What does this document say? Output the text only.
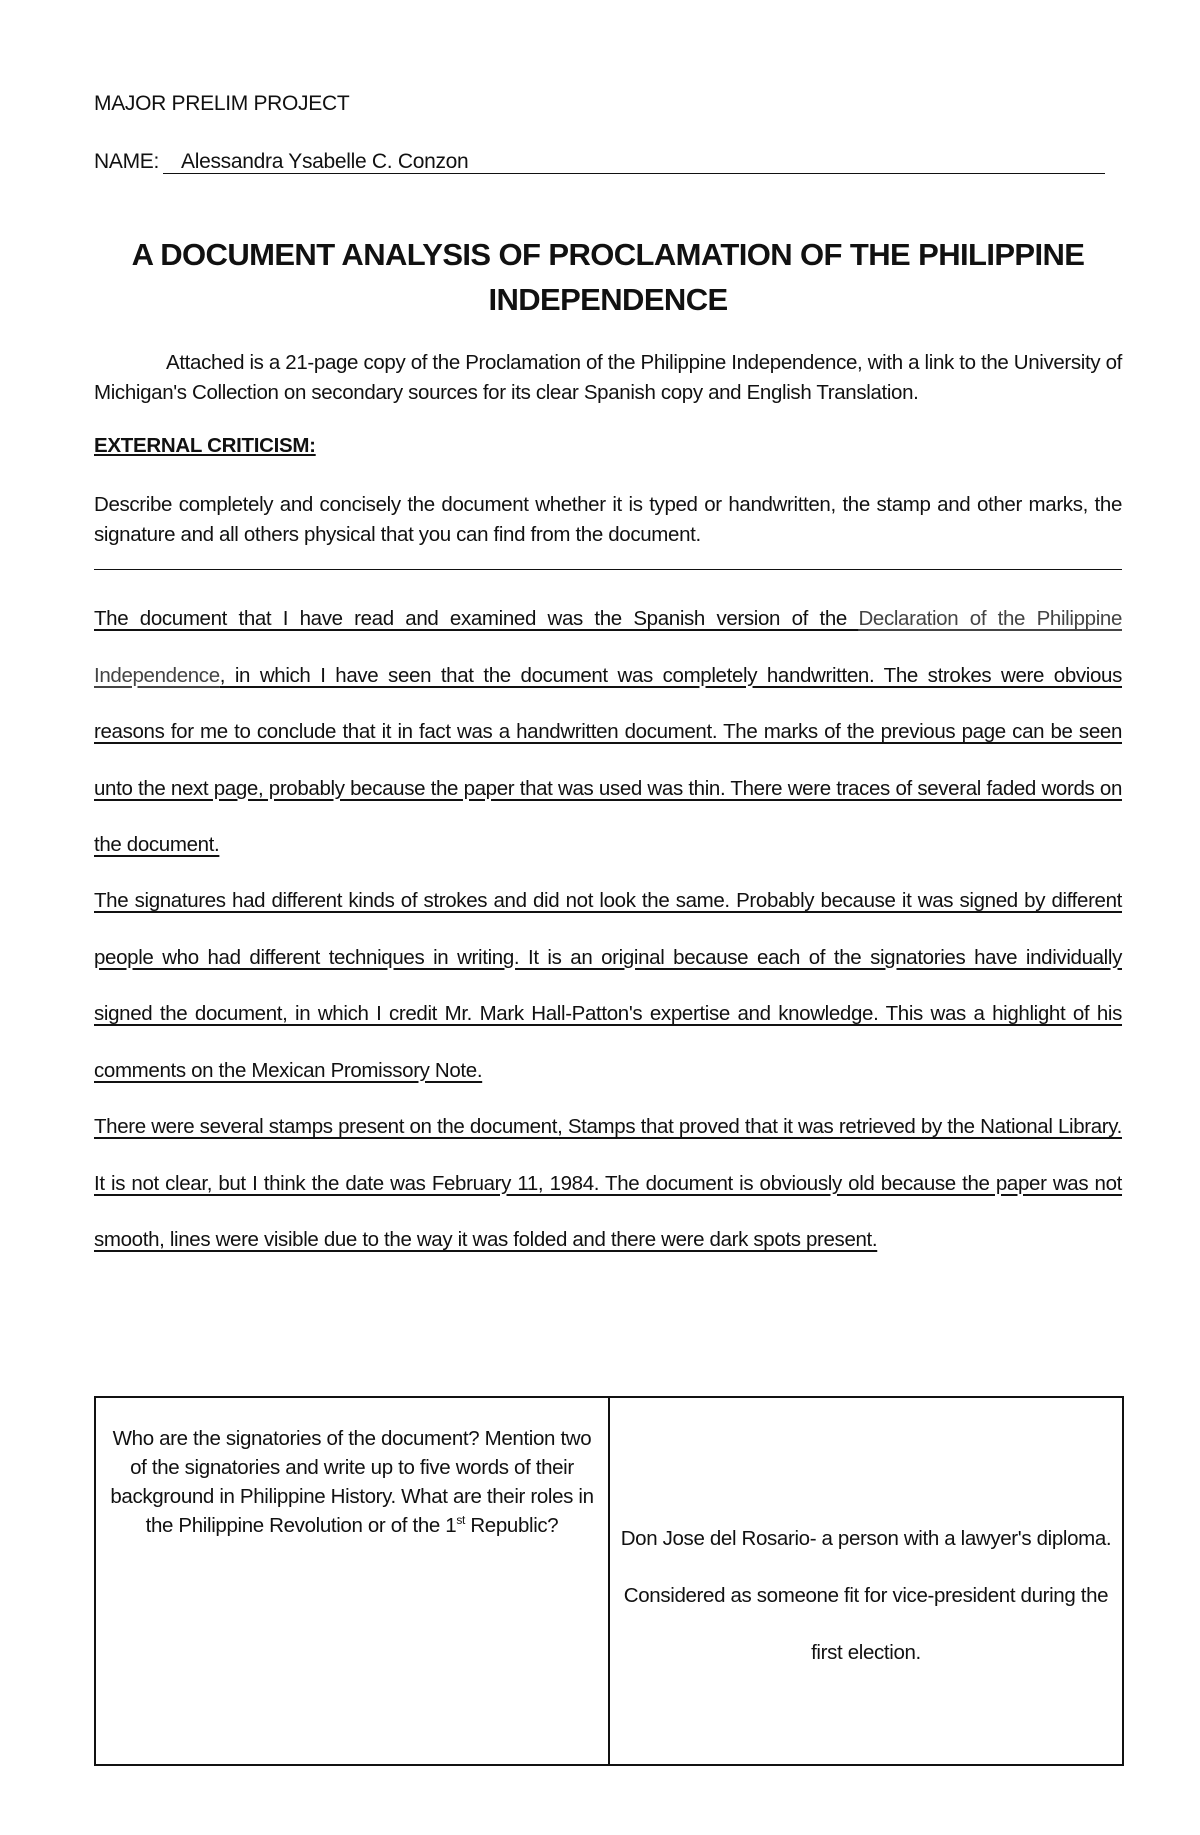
MAJOR PRELIM PROJECT
NAME:	Alessandra Ysabelle C. Conzon
A DOCUMENT ANALYSIS OF PROCLAMATION OF THE PHILIPPINE
INDEPENDENCE
Attached is a 21-page copy of the Proclamation of the Philippine Independence, with a link to the University of Michigan's Collection on secondary sources for its clear Spanish copy and English Translation.
EXTERNAL CRITICISM:
Describe completely and concisely the document whether it is typed or handwritten, the stamp and other marks, the signature and all others physical that you can find from the document.
The document that I have read and examined was the Spanish version of the Declaration of the Philippine Independence, in which I have seen that the document was completely handwritten. The strokes were obvious reasons for me to conclude that it in fact was a handwritten document. The marks of the previous page can be seen unto the next page, probably because the paper that was used was thin. There were traces of several faded words on the document.
The signatures had different kinds of strokes and did not look the same. Probably because it was signed by different people who had different techniques in writing. It is an original because each of the signatories have individually signed the document, in which I credit Mr. Mark Hall-Patton's expertise and knowledge. This was a highlight of his comments on the Mexican Promissory Note.
There were several stamps present on the document, Stamps that proved that it was retrieved by the National Library. It is not clear, but I think the date was February 11, 1984. The document is obviously old because the paper was not smooth, lines were visible due to the way it was folded and there were dark spots present.
Who are the signatories of the document? Mention two of the signatories and write up to five words of their background in Philippine History. What are their roles in the Philippine Revolution or of the 1st Republic?
Don Jose del Rosario- a person with a lawyer's diploma.
Considered as someone fit for vice-president during the
first election.
